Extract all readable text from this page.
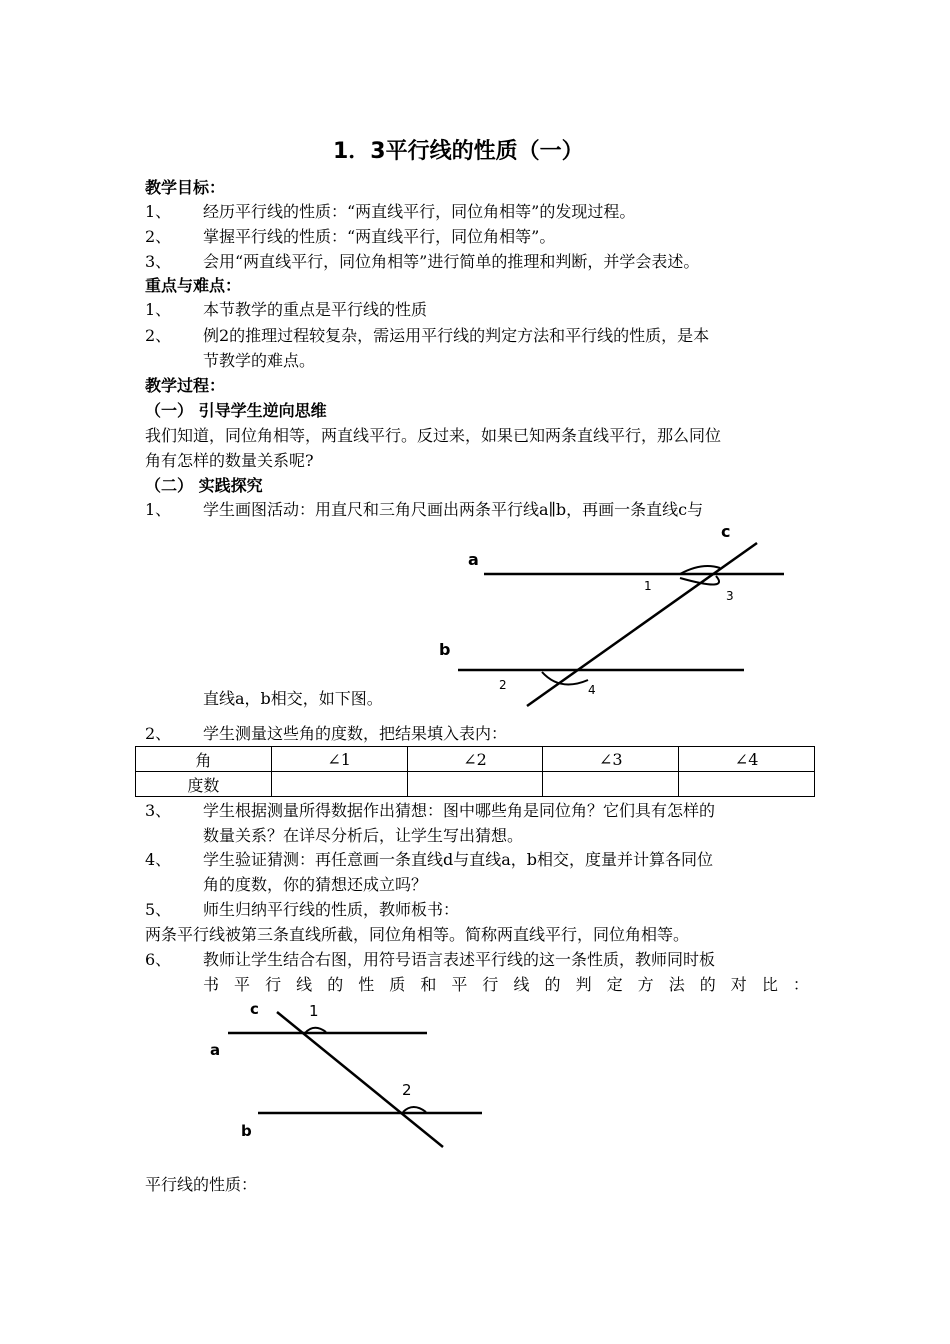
1．3平行线的性质（一）
教学目标：
1、 经历平行线的性质：“两直线平行，同位角相等”的发现过程。
2、 掌握平行线的性质：“两直线平行，同位角相等”。
3、 会用“两直线平行，同位角相等”进行简单的推理和判断，并学会表述。
重点与难点：
1、 本节教学的重点是平行线的性质
2、 例2的推理过程较复杂，需运用平行线的判定方法和平行线的性质，是本
节教学的难点。
教学过程：
（一） 引导学生逆向思维
我们知道，同位角相等，两直线平行。反过来，如果已知两条直线平行，那么同位
角有怎样的数量关系呢?
（二） 实践探究
1、 学生画图活动：用直尺和三角尺画出两条平行线a∥b，再画一条直线c与
a
b
c
1
3
2	4
直线a，b相交，如下图。
2、 学生测量这些角的度数，把结果填入表内：
角	∠1	∠2	∠3	∠4
度数				
3、 学生根据测量所得数据作出猜想：图中哪些角是同位角？它们具有怎样的
数量关系？在详尽分析后，让学生写出猜想。
4、 学生验证猜测：再任意画一条直线d与直线a，b相交，度量并计算各同位
角的度数，你的猜想还成立吗？
5、 师生归纳平行线的性质，教师板书：
两条平行线被第三条直线所截，同位角相等。简称两直线平行，同位角相等。
6、 教师让学生结合右图，用符号语言表述平行线的这一条性质，教师同时板
书 平 行 线 的 性 质 和 平 行 线 的 判 定 方 法 的 对 比 ：
c	1
a
2
b
平行线的性质：
